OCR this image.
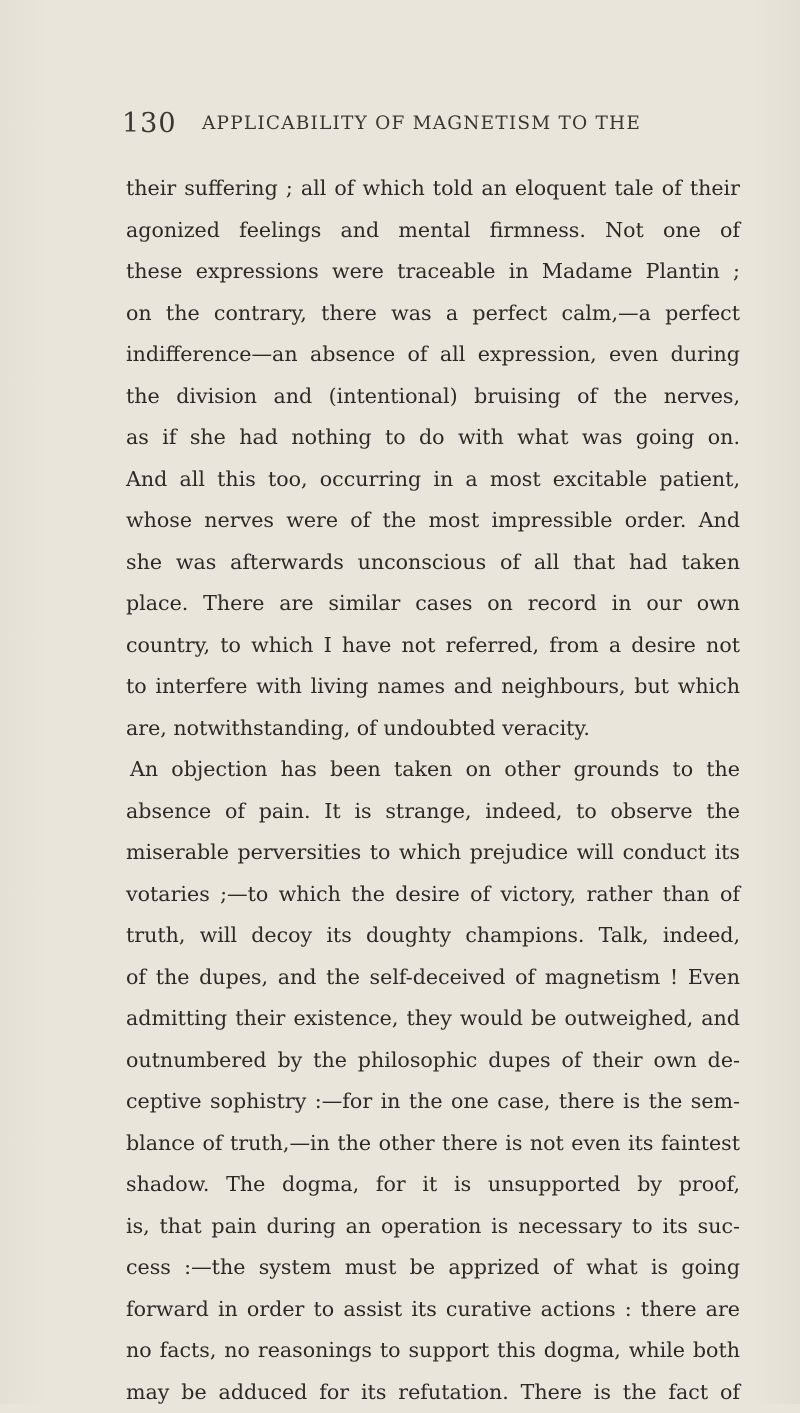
130 APPLICABILITY OF MAGNETISM TO THE
their suffering ; all of which told an eloquent tale of their
agonized feelings and mental firmness. Not one of
these expressions were traceable in Madame Plantin ;
on the contrary, there was a perfect calm,—a perfect
indifference—an absence of all expression, even during
the division and (intentional) bruising of the nerves,
as if she had nothing to do with what was going on.
And all this too, occurring in a most excitable patient,
whose nerves were of the most impressible order. And
she was afterwards unconscious of all that had taken
place. There are similar cases on record in our own
country, to which I have not referred, from a desire not
to interfere with living names and neighbours, but which
are, notwithstanding, of undoubted veracity.
An objection has been taken on other grounds to the
absence of pain. It is strange, indeed, to observe the
miserable perversities to which prejudice will conduct its
votaries ;—to which the desire of victory, rather than of
truth, will decoy its doughty champions. Talk, indeed,
of the dupes, and the self-deceived of magnetism ! Even
admitting their existence, they would be outweighed, and
outnumbered by the philosophic dupes of their own de-
ceptive sophistry :—for in the one case, there is the sem-
blance of truth,—in the other there is not even its faintest
shadow. The dogma, for it is unsupported by proof,
is, that pain during an operation is necessary to its suc-
cess :—the system must be apprized of what is going
forward in order to assist its curative actions : there are
no facts, no reasonings to support this dogma, while both
may be adduced for its refutation. There is the fact of
